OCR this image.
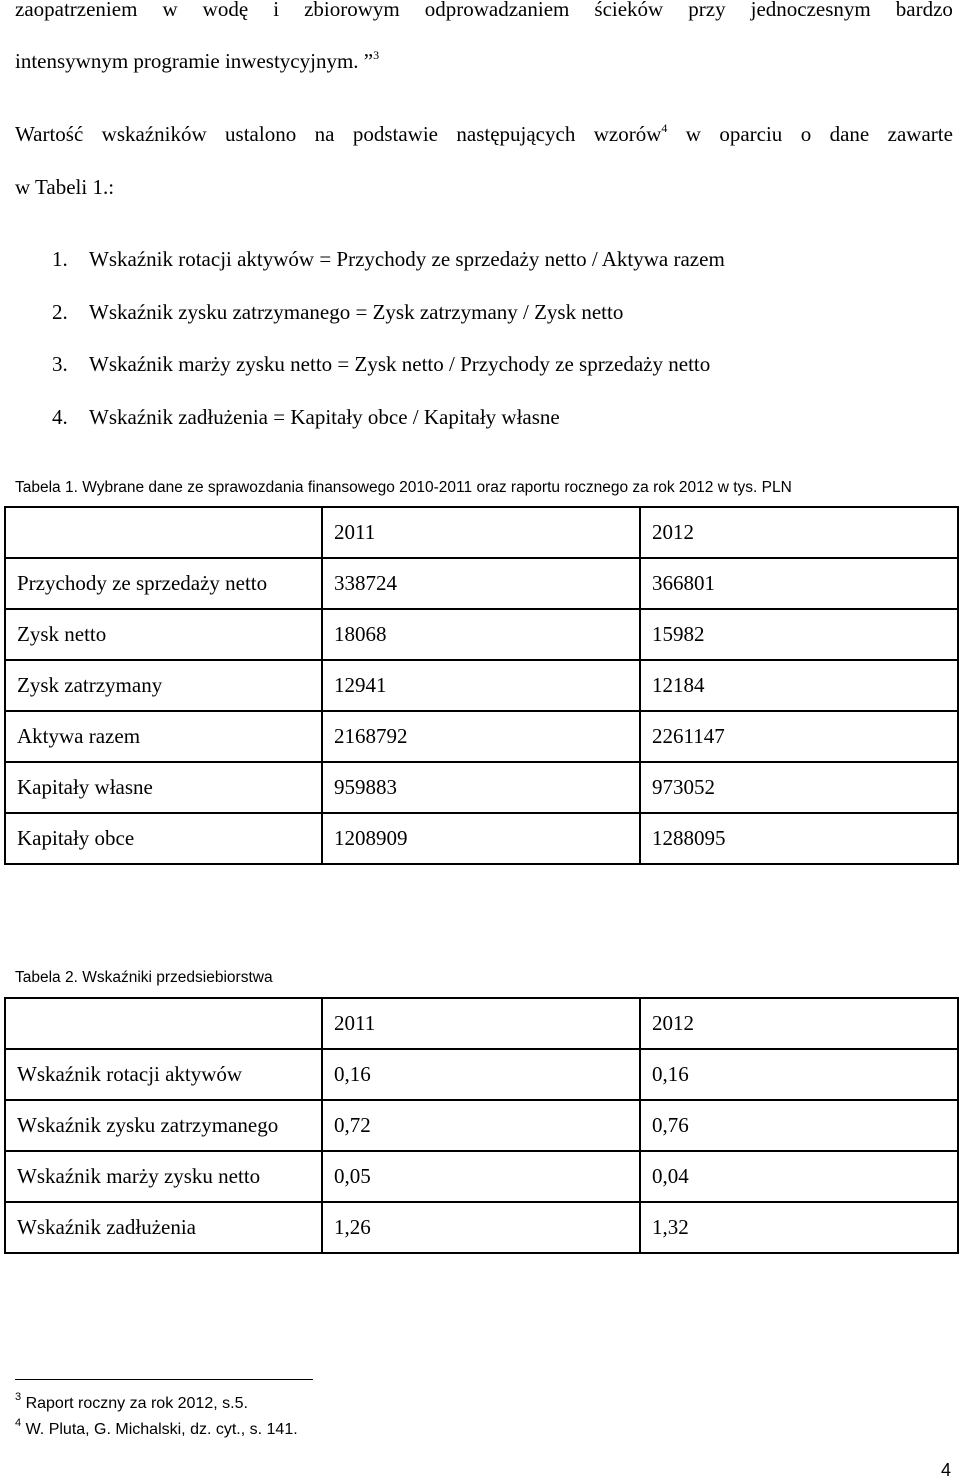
zaopatrzeniem w wodę i zbiorowym odprowadzaniem ścieków przy jednoczesnym bardzo
intensywnym programie inwestycyjnym. ”$^3$
Wartość wskaźników ustalono na podstawie następujących wzorów$^4$ w oparciu o dane zawarte
w Tabeli 1.:
1. Wskaźnik rotacji aktywów = Przychody ze sprzedaży netto / Aktywa razem
2. Wskaźnik zysku zatrzymanego = Zysk zatrzymany / Zysk netto
3. Wskaźnik marży zysku netto = Zysk netto / Przychody ze sprzedaży netto
4. Wskaźnik zadłużenia = Kapitały obce / Kapitały własne
Tabela 1. Wybrane dane ze sprawozdania finansowego 2010-2011 oraz raportu rocznego za rok 2012 w tys. PLN
	2011	2012
Przychody ze sprzedaży netto	338724	366801
Zysk netto	18068	15982
Zysk zatrzymany	12941	12184
Aktywa razem	2168792	2261147
Kapitały własne	959883	973052
Kapitały obce	1208909	1288095
Tabela 2. Wskaźniki przedsiebiorstwa
	2011	2012
Wskaźnik rotacji aktywów	0,16	0,16
Wskaźnik zysku zatrzymanego	0,72	0,76
Wskaźnik marży zysku netto	0,05	0,04
Wskaźnik zadłużenia	1,26	1,32
$^3$ Raport roczny za rok 2012, s.5.
$^4$ W. Pluta, G. Michalski, dz. cyt., s. 141.
4
